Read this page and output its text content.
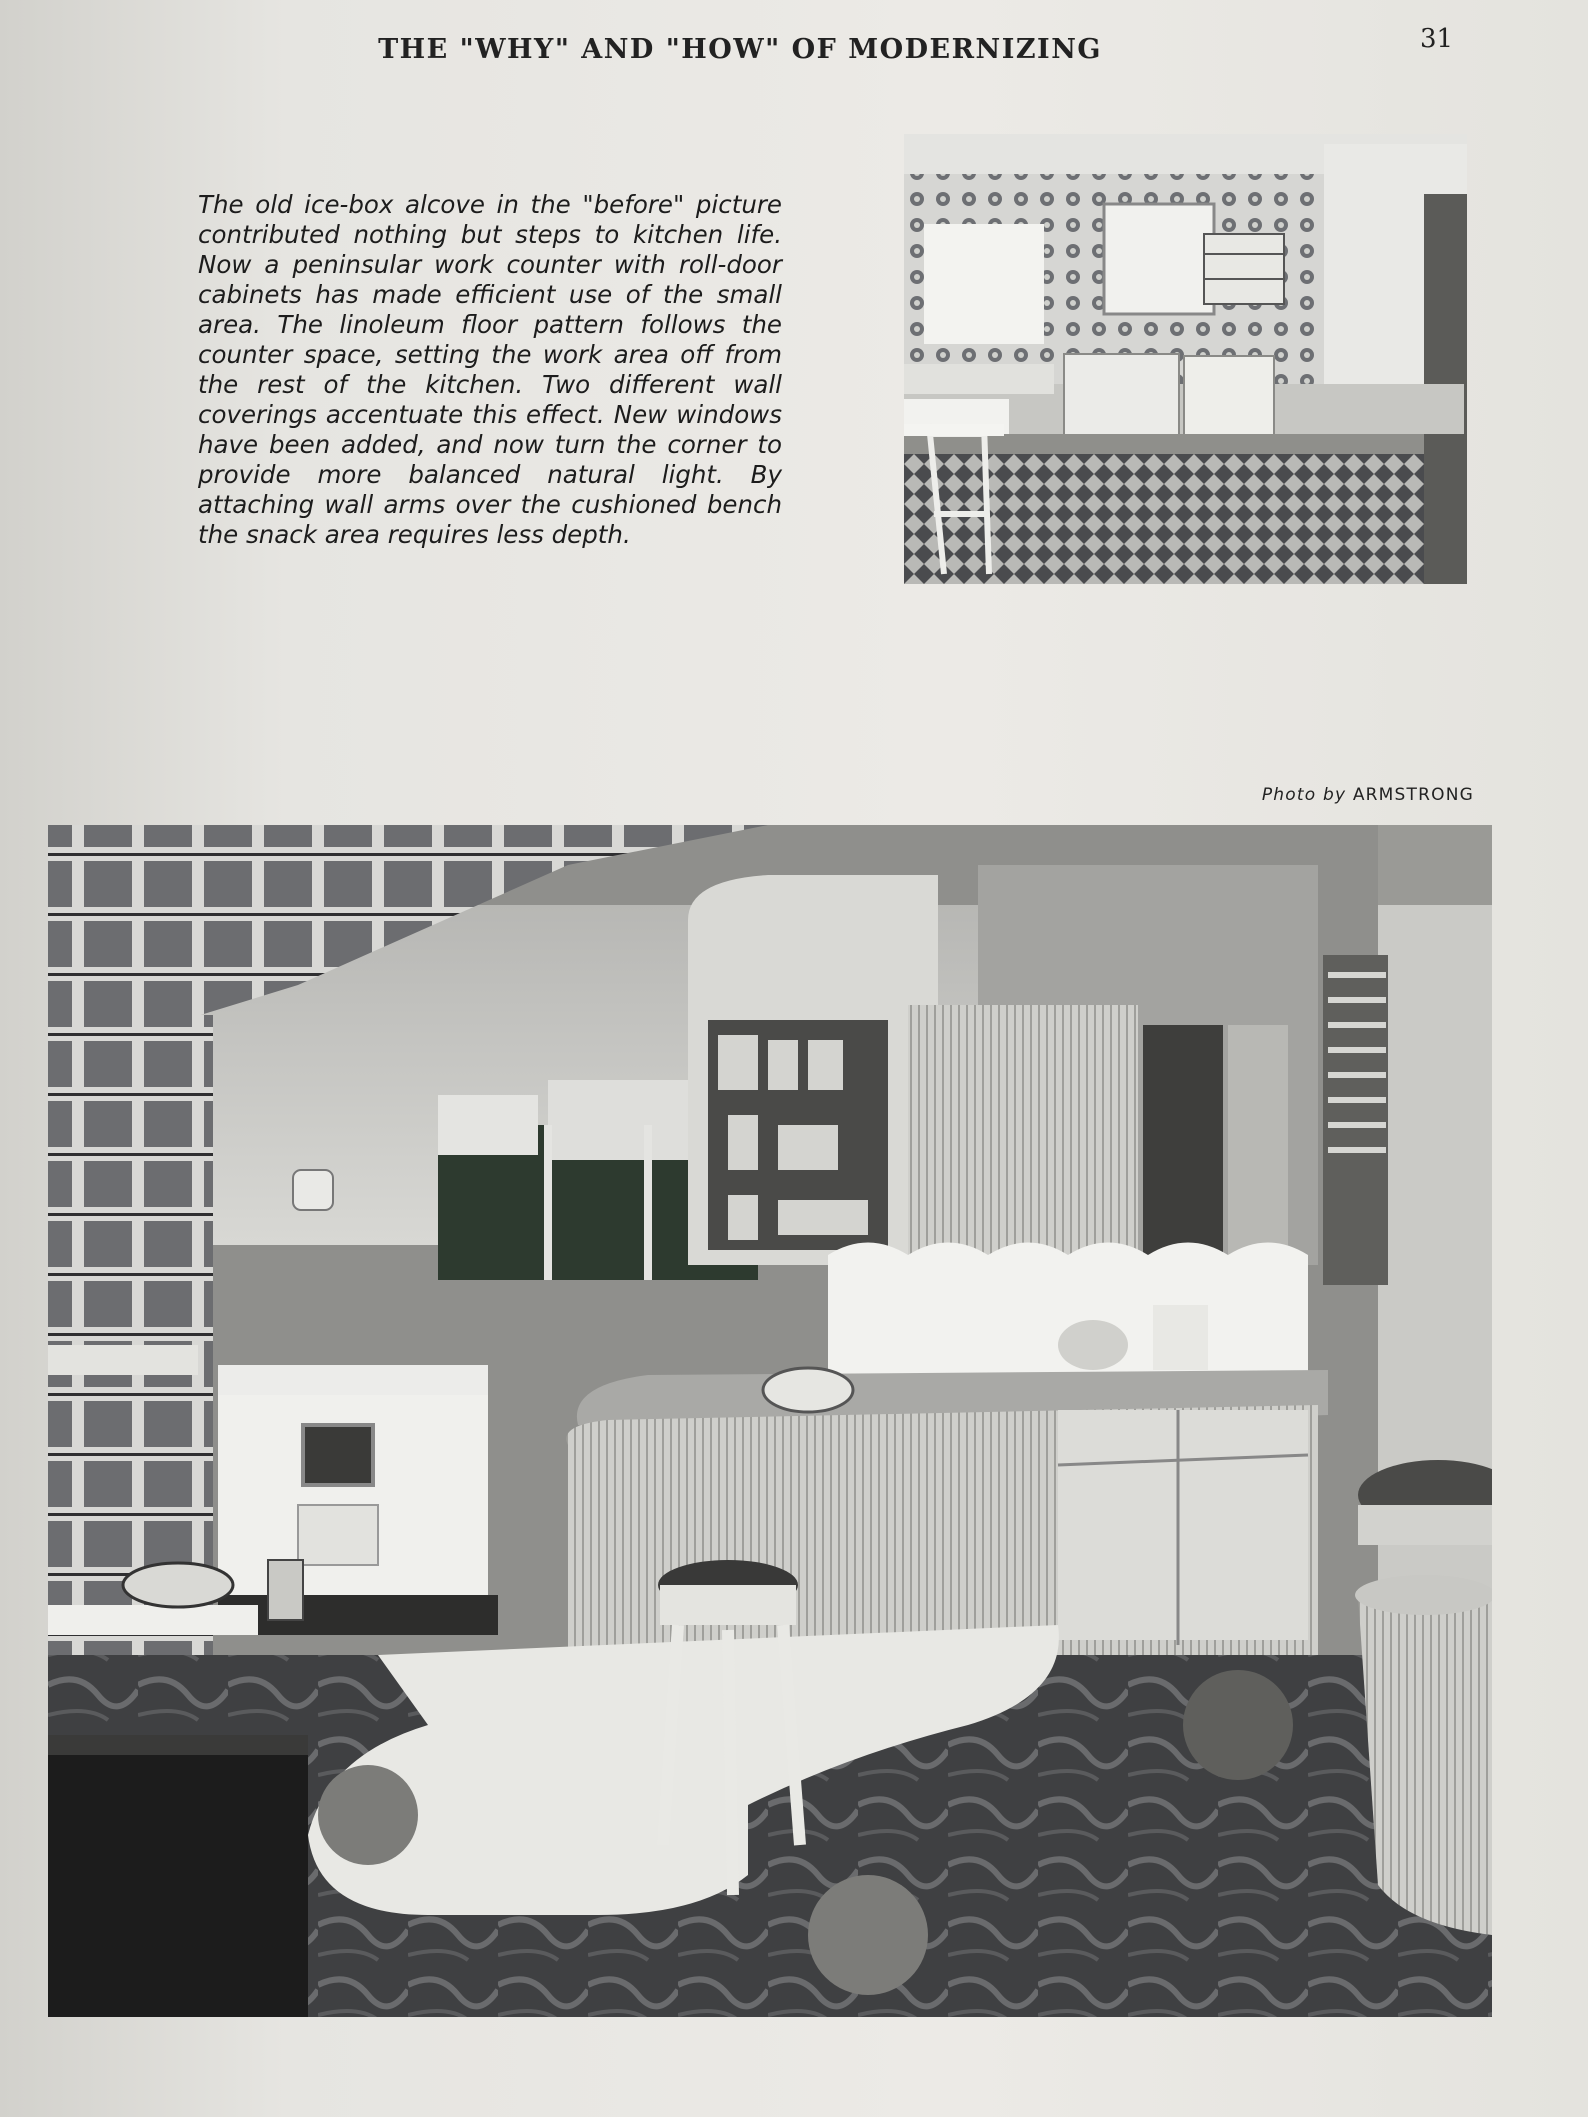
THE "WHY" AND "HOW" OF MODERNIZING	31

The old ice-box alcove in the "before" picture contributed nothing but steps to kitchen life. Now a peninsular work counter with roll-door cabinets has made efficient use of the small area. The linoleum floor pattern follows the counter space, setting the work area off from the rest of the kitchen. Two different wall coverings accentuate this effect. New windows have been added, and now turn the corner to provide more balanced natural light. By attaching wall arms over the cushioned bench the snack area requires less depth.

Photo by ARMSTRONG
